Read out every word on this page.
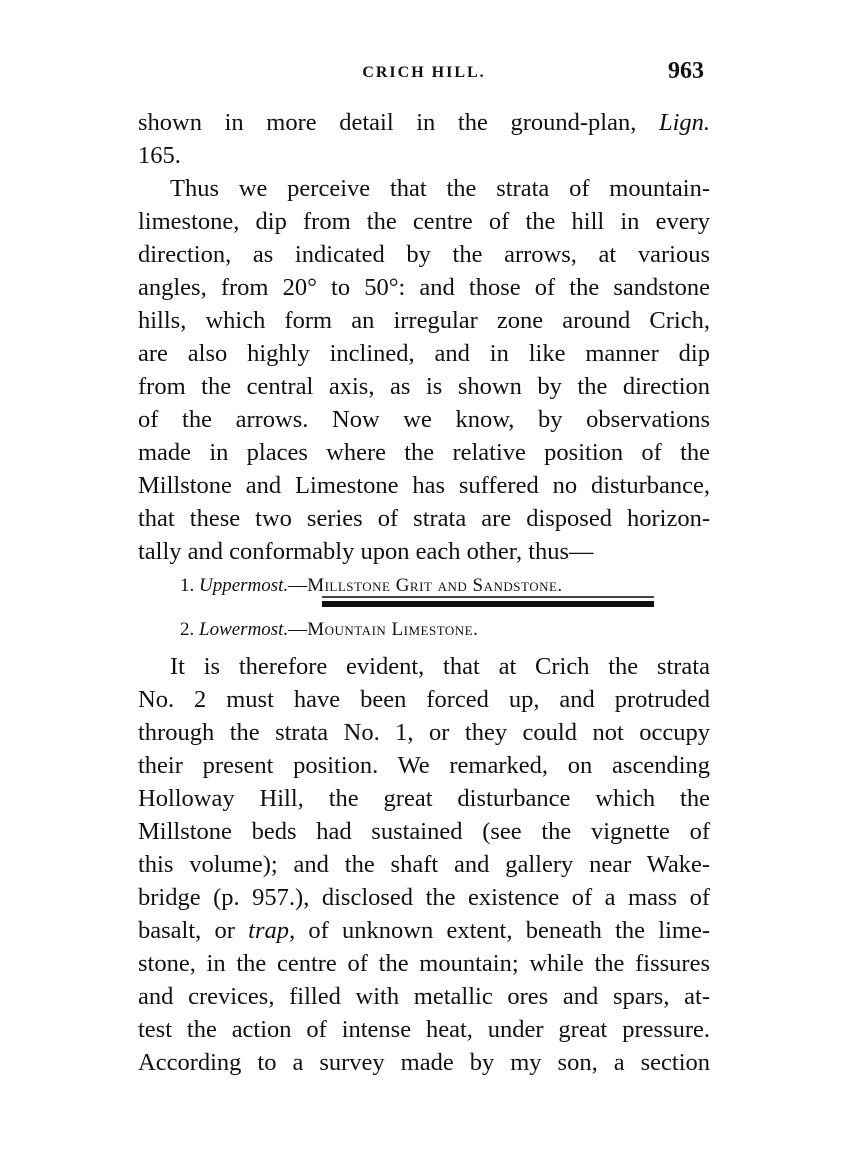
CRICH HILL.	963
shown in more detail in the ground-plan, Lign.
165.
Thus we perceive that the strata of mountain-
limestone, dip from the centre of the hill in every
direction, as indicated by the arrows, at various
angles, from 20° to 50°: and those of the sandstone
hills, which form an irregular zone around Crich,
are also highly inclined, and in like manner dip
from the central axis, as is shown by the direction
of the arrows. Now we know, by observations
made in places where the relative position of the
Millstone and Limestone has suffered no disturbance,
that these two series of strata are disposed horizon-
tally and conformably upon each other, thus—
1. Uppermost.—Millstone Grit and Sandstone.
2. Lowermost.—Mountain Limestone.
It is therefore evident, that at Crich the strata
No. 2 must have been forced up, and protruded
through the strata No. 1, or they could not occupy
their present position. We remarked, on ascending
Holloway Hill, the great disturbance which the
Millstone beds had sustained (see the vignette of
this volume); and the shaft and gallery near Wake-
bridge (p. 957.), disclosed the existence of a mass of
basalt, or trap, of unknown extent, beneath the lime-
stone, in the centre of the mountain; while the fissures
and crevices, filled with metallic ores and spars, at-
test the action of intense heat, under great pressure.
According to a survey made by my son, a section
